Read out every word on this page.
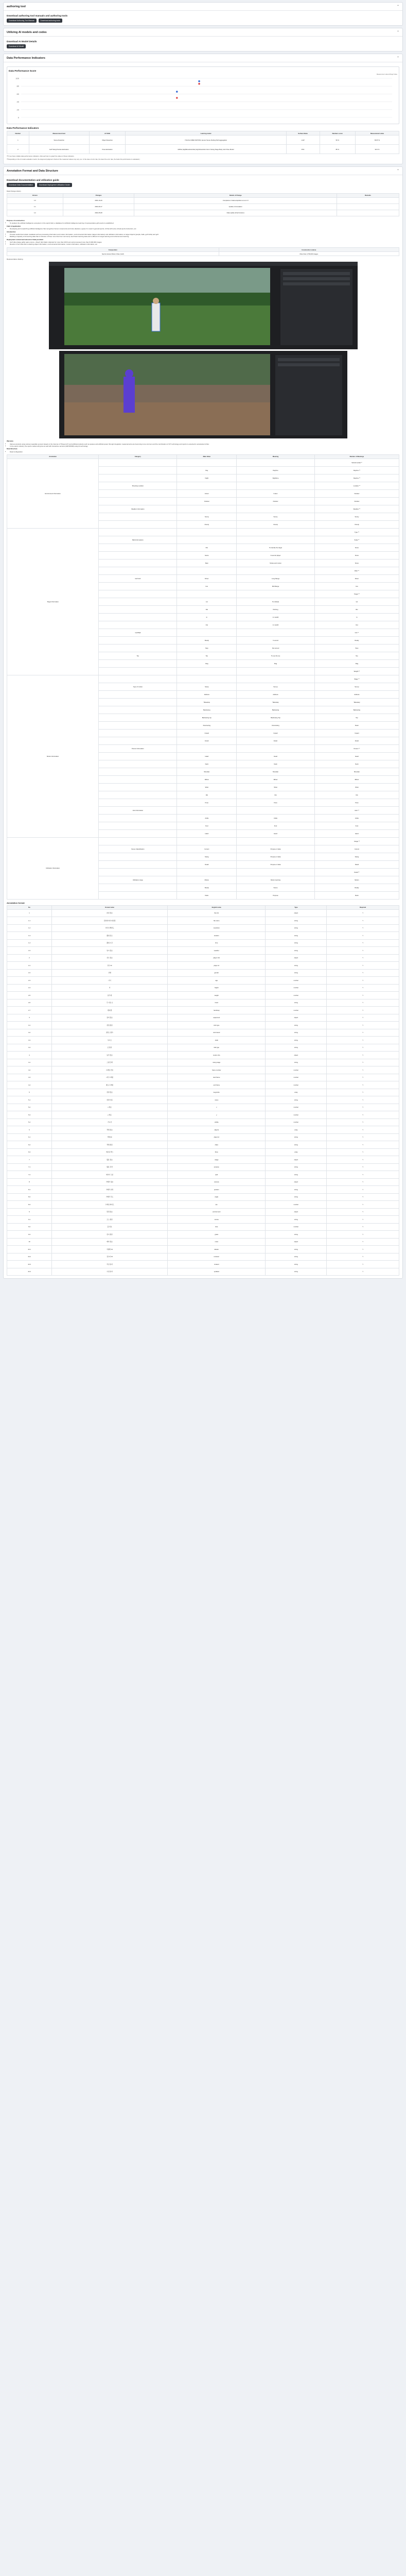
authoring tool	⌃
Download authoring tool manuals and authoring tools
Download Authoring Tool Manual	Download authoring tools
Utilizing AI models and codes	⌃
Download AI Model Details
Download AI Model
Data Performance Indicators	⌃
Data Performance Score
Measurement value ■ Target Value
0
20
40
60
80
100
Data Performance Indicators
Number	Measurement item	AI TASK	Learning model	Surface Name	Numbers score	Measurement value
1	Scene Detection	Object Detection	YOLOv4 OPEN MOTION, Apoxio Scene Finding Path Aggregation	mAP	50 %	65.87 %
2	Golf Swing Posture Estimation	Pose Estimation	HRNet (HighResolutionNet) High-Resolution Net in Swing Stage Body Joint Pose Model	PCK	86 %	92.6 %
※ If you have multiple data performance indicators, click each item to graph the values of those indicators.
※ Depending on the AI model evaluation metric, the target and judgment criteria of the measured values may vary. (ex. In the case of error rate, the lower the error rate, the better the performance is evaluated.)
Annotation Format and Data Structure	⌃
Download documentation and utilization guide
Download Data Documentation	Download Deployment Utilization Guide
Data Change History
Version	Changes	Details of Change	Remarks
1.0	2021-10-29	Completion of data acquisition at ver.1.0	
1.1	2021-09-17	Update of Annotation	
1.2	2021-05-08	Data update (Final Version)	
Purpose of construction
• To analyze the artificial intelligence ecosystem in the sports field, a database for artificial intelligence learning of representative golf events is established.
Field of application
• Developing and researching artificial intelligence that recognizes human movements and rules (features, types) It is used in general sports, AI that will revive virtual sports instructors, etc.
Introduction
• Provide results that include metadata such as processing information and motion information, environmental information (target information) and utilization information on target objects (people, balls, golf clubs) and golf.
• Building a capacity of AI learning data that is inclusive of three more than four commonly used basic learning data and is efficient for target learning and reinforcement learning.
Deployment content and amount of data provided
• Golf video (large golfer game scene + bleed' (kini blast) collected for more than 400 hours and processed more than 8,300,000 images.
• Results of Json files files containing object information, environmental information, motion information, utilization information, etc.
Composition	Construction volume
Sports Human Motion Video (Golf)	More than 2,700,000 images
Representative drawing
Warranty
• Various products using various wearable sensors based on the Internet of Things (IoT) and artificial products such as spaces and artificial power through integration measurements are becoming more common and the combination of ICT technology and sports is expected to accelerate further.
• In the sports industry, the sports market will grow as well with interactive services (AR/VR/MR) using AI technology.
Data Structure
• Data Configuration
Annotation	Category	Main Value	Meaning	Number of Meanings
Environment Information				Set/sub (total) **
		Day	Daytime	Daytime **
		Night	Nighttime	Daytime **
	Shooting Location			Location **
		Indoor	Indoor	Outdoor
		Outdoor	Outdoor	Outdoor
	Weather Information			Weather **
		Sunny	Sunny	Sunny
		Cloudy	Cloudy	Cloudy
Target Information				Type **
	Ball (Information)			Scale **
		Par	To identify the target	Score
		Game	A second player	Score
		Slam	Stroke and motion	Score
				Pitch **
	Golf club	Driver	Long Range	Driver
		Iron	Mid Range	Iron
				Target **
		LH	To indicate	LH
		RH	Pitching	RH
		In	In mid-lift	In
		Out	In mid-lift	Out
	Golf Ball			Info **
		Ready	In sound	Ready
		Stop	Not scored	Stop
	Tee	Tee	To use the tee	Tee
		Flag	Flag	Flag
				Weight **
Motion Information				Stage **
	Type of motion	Setup	Set-up	Set-up
		Address	Address	Address
		Takeaway	Takeaway	Takeaway
		Backswing	Backswing	Backswing
		Backswing top	Backswing Top	Top
		Downswing	Downswing	Down
		Impact	Impact	Impact
		Finish	Finish	Finish
	Person Information			Person **
		Head	Head	Head
		Neck	Neck	Neck
		Shoulder	Shoulder	Shoulder
		Elbow	Elbow	Elbow
		Wrist	Wrist	Wrist
		Hip	Hip	Hip
		Knee	Knee	Knee
	Joint Information			Joint **
		Ankle	Ankle	Ankle
		Foot	Foot	Foot
		Hand	Hand	Hand
Utilization Information				Usage **
	Scene Classification	Correct	Purpose of data	Correct
		Swing	Purpose of data	Swing
		Detail	Purpose of data	Detail
				Detail **
	Utilization range	Motion	Motion learning	Motion
		Ready	Scene	Ready
		Rank	Purpose	Rank
Annotation format
No	Korean name	English name	Type	Required
1	파일 정보	file info	object	Y
1-1	원천데이터 파일명	file name	string	Y
1-2	이미지 해상도	resolution	string	Y
1-3	촬영 장소	location	string	Y
1-4	촬영 시간	time	string	Y
1-5	날씨 정보	weather	string	Y
2	선수 정보	player info	object	Y
2-1	선수 ID	player id	string	Y
2-2	성별	gender	string	Y
2-3	나이	age	number	Y
2-4	키	height	number	Y
2-5	몸무게	weight	number	Y
2-6	주 사용 손	hand	string	Y
2-7	핸디캡	handicap	number	Y
3	장비 정보	equipment	object	Y
3-1	클럽 종류	club type	string	Y
3-2	클럽 브랜드	club brand	string	Y
3-3	샤프트	shaft	string	Y
3-4	공 종류	ball type	string	Y
4	동작 정보	motion info	object	Y
4-1	스윙 단계	swing stage	string	Y
4-2	프레임 번호	frame number	number	Y
4-3	시작 프레임	start frame	number	Y
4-4	종료 프레임	end frame	number	Y
5	관절 정보	keypoints	array	Y
5-1	관절 이름	name	string	Y
5-2	x 좌표	x	number	Y
5-3	y 좌표	y	number	Y
5-4	가시성	visible	number	Y
6	객체 정보	objects	array	Y
6-1	객체 ID	object id	string	Y
6-2	객체 종류	class	string	Y
6-3	바운딩 박스	bbox	array	Y
7	활용 정보	usage	object	Y
7-1	활용 목적	purpose	string	Y
7-2	데이터 구분	split	string	Y
8	카메라 정보	camera	object	Y
8-1	카메라 위치	position	string	Y
8-2	카메라 각도	angle	string	Y
8-3	프레임 레이트	fps	number	Y
9	환경 정보	environment	object	Y
9-1	코스 종류	course	string	Y
9-2	홀 번호	hole	number	Y
9-3	잔디 종류	grass	string	Y
10	메타 정보	meta	object	Y
10-1	라벨러 ID	labeler	string	Y
10-2	검수자 ID	reviewer	string	Y
10-3	작성 일자	created	string	Y
10-4	수정 일자	updated	string	Y
